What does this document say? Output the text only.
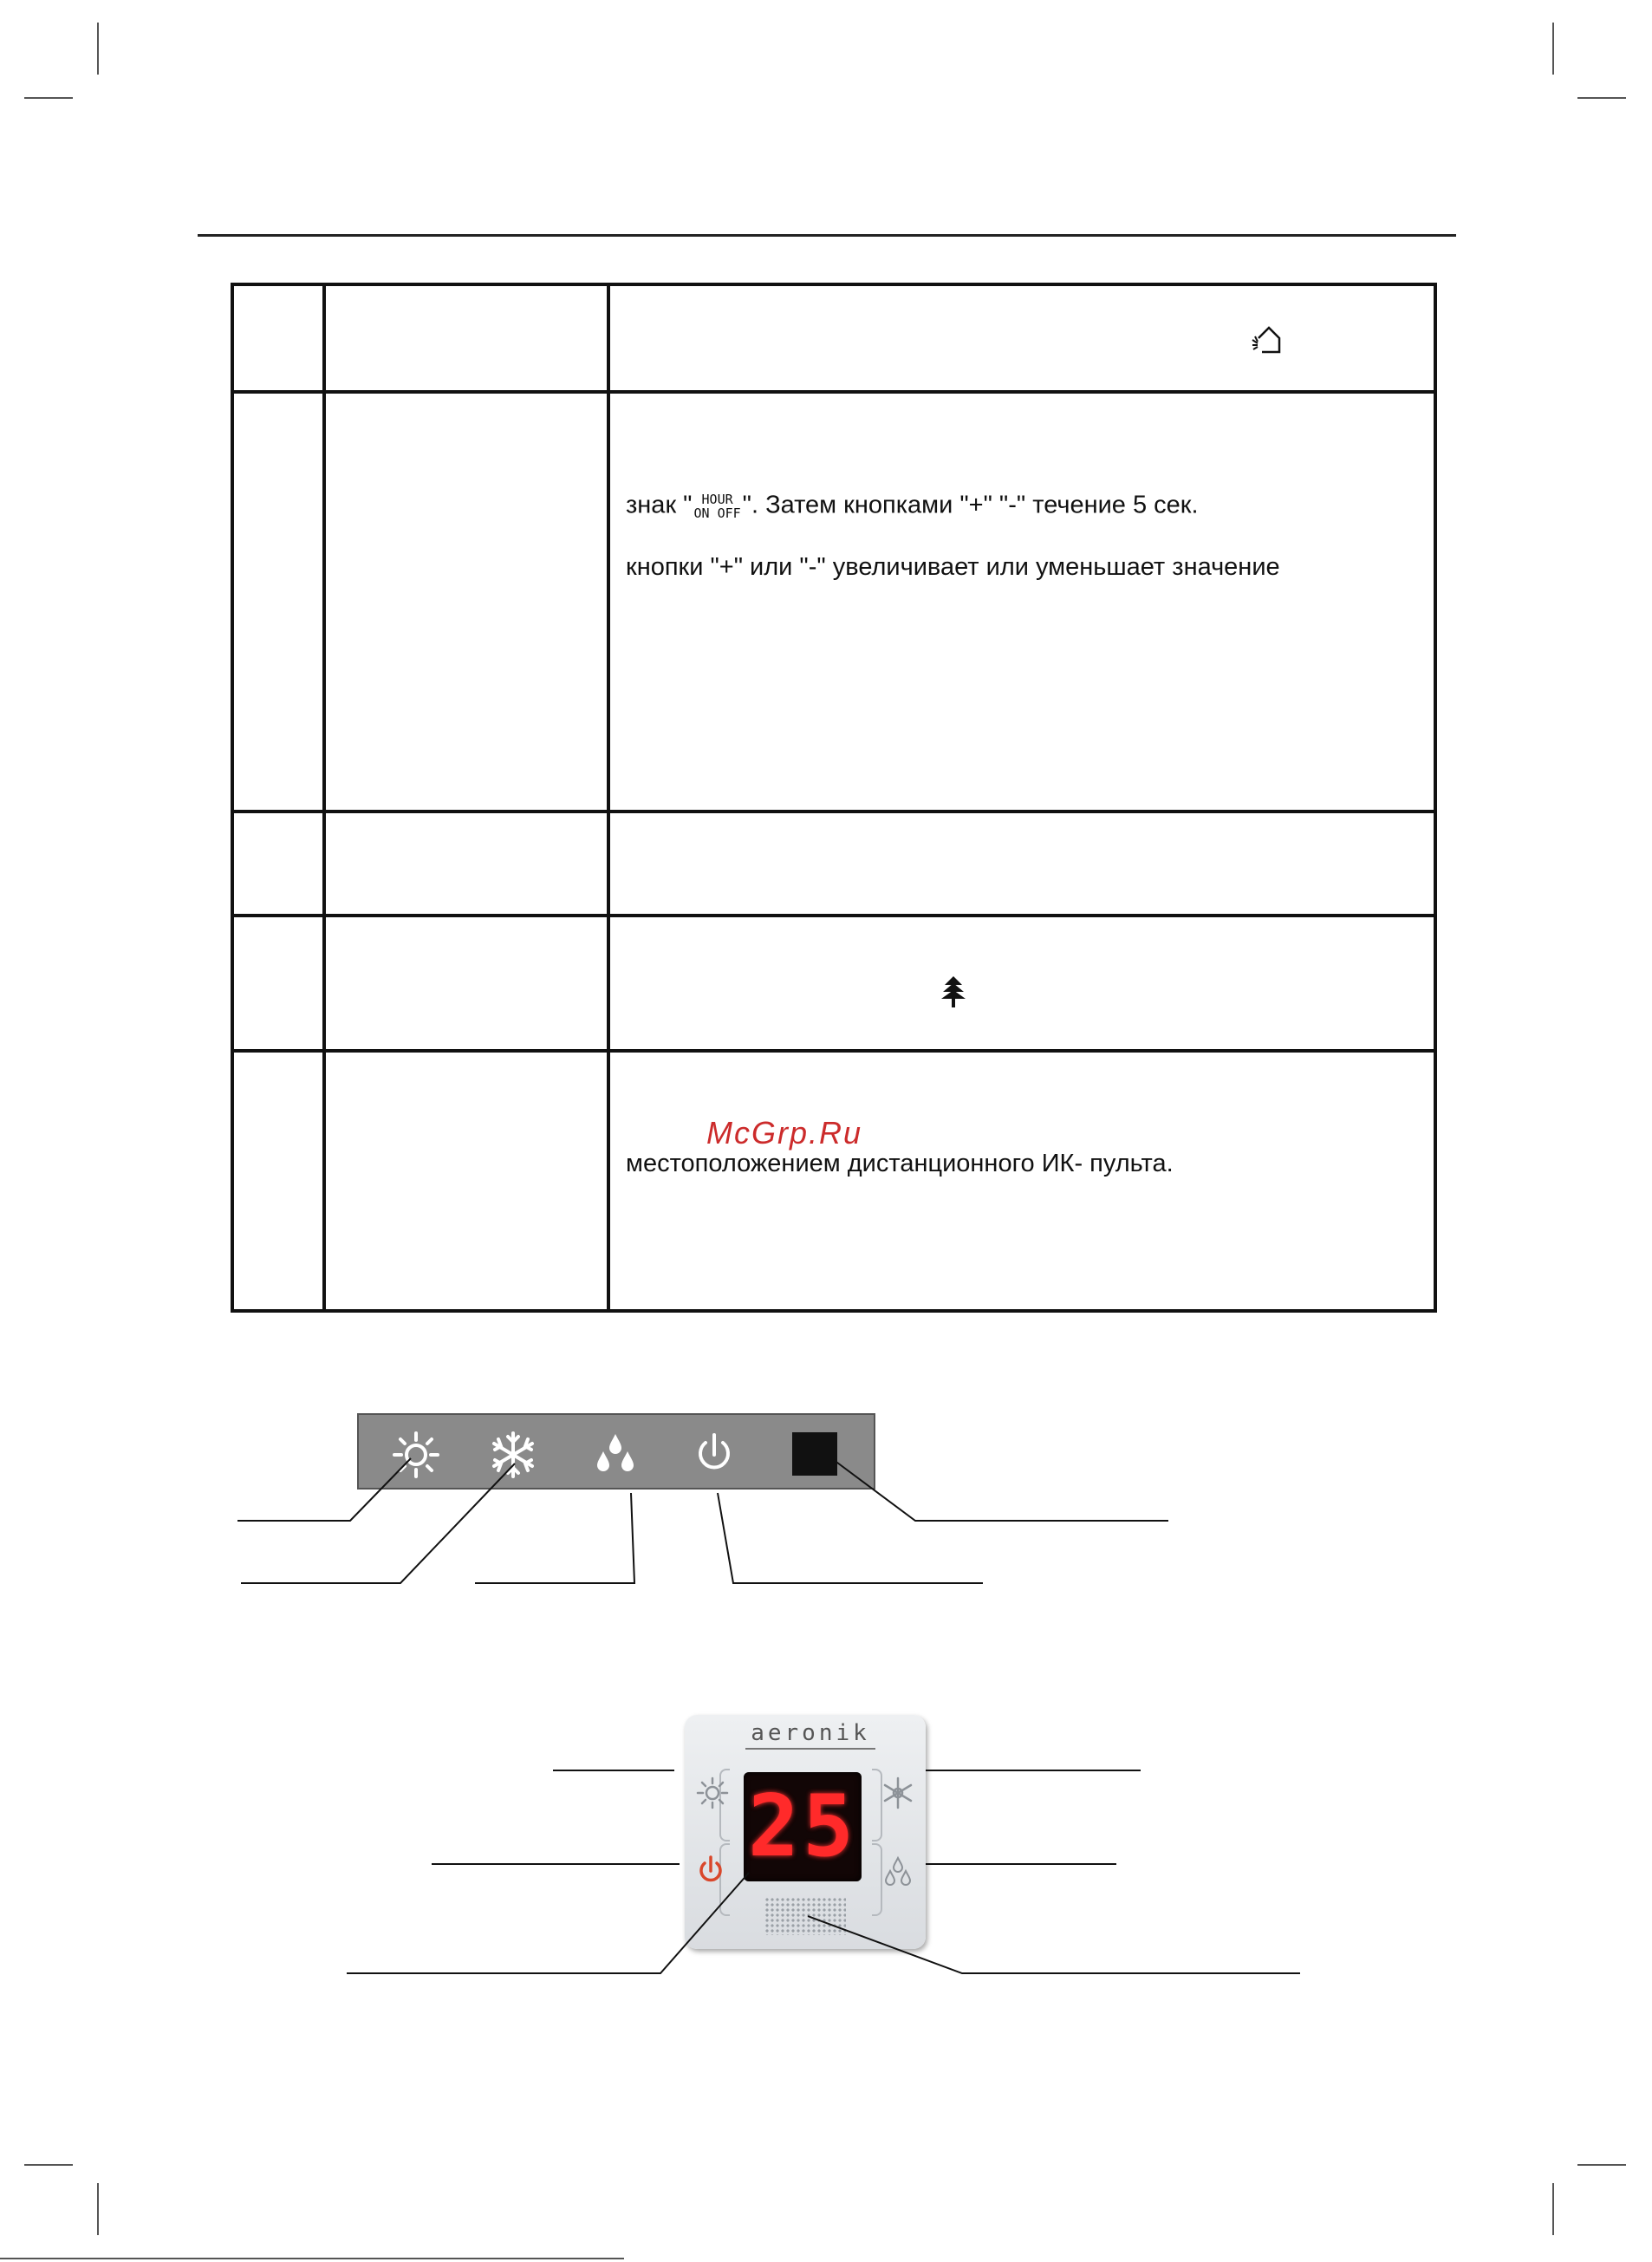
знак " HOUR
ON OFF ". Затем кнопками "+" "-" течение 5 сек.
кнопки "+" или "-" увеличивает или уменьшает значение
местоположением дистанционного ИК- пульта.
McGrp.Ru
aeronik
25
